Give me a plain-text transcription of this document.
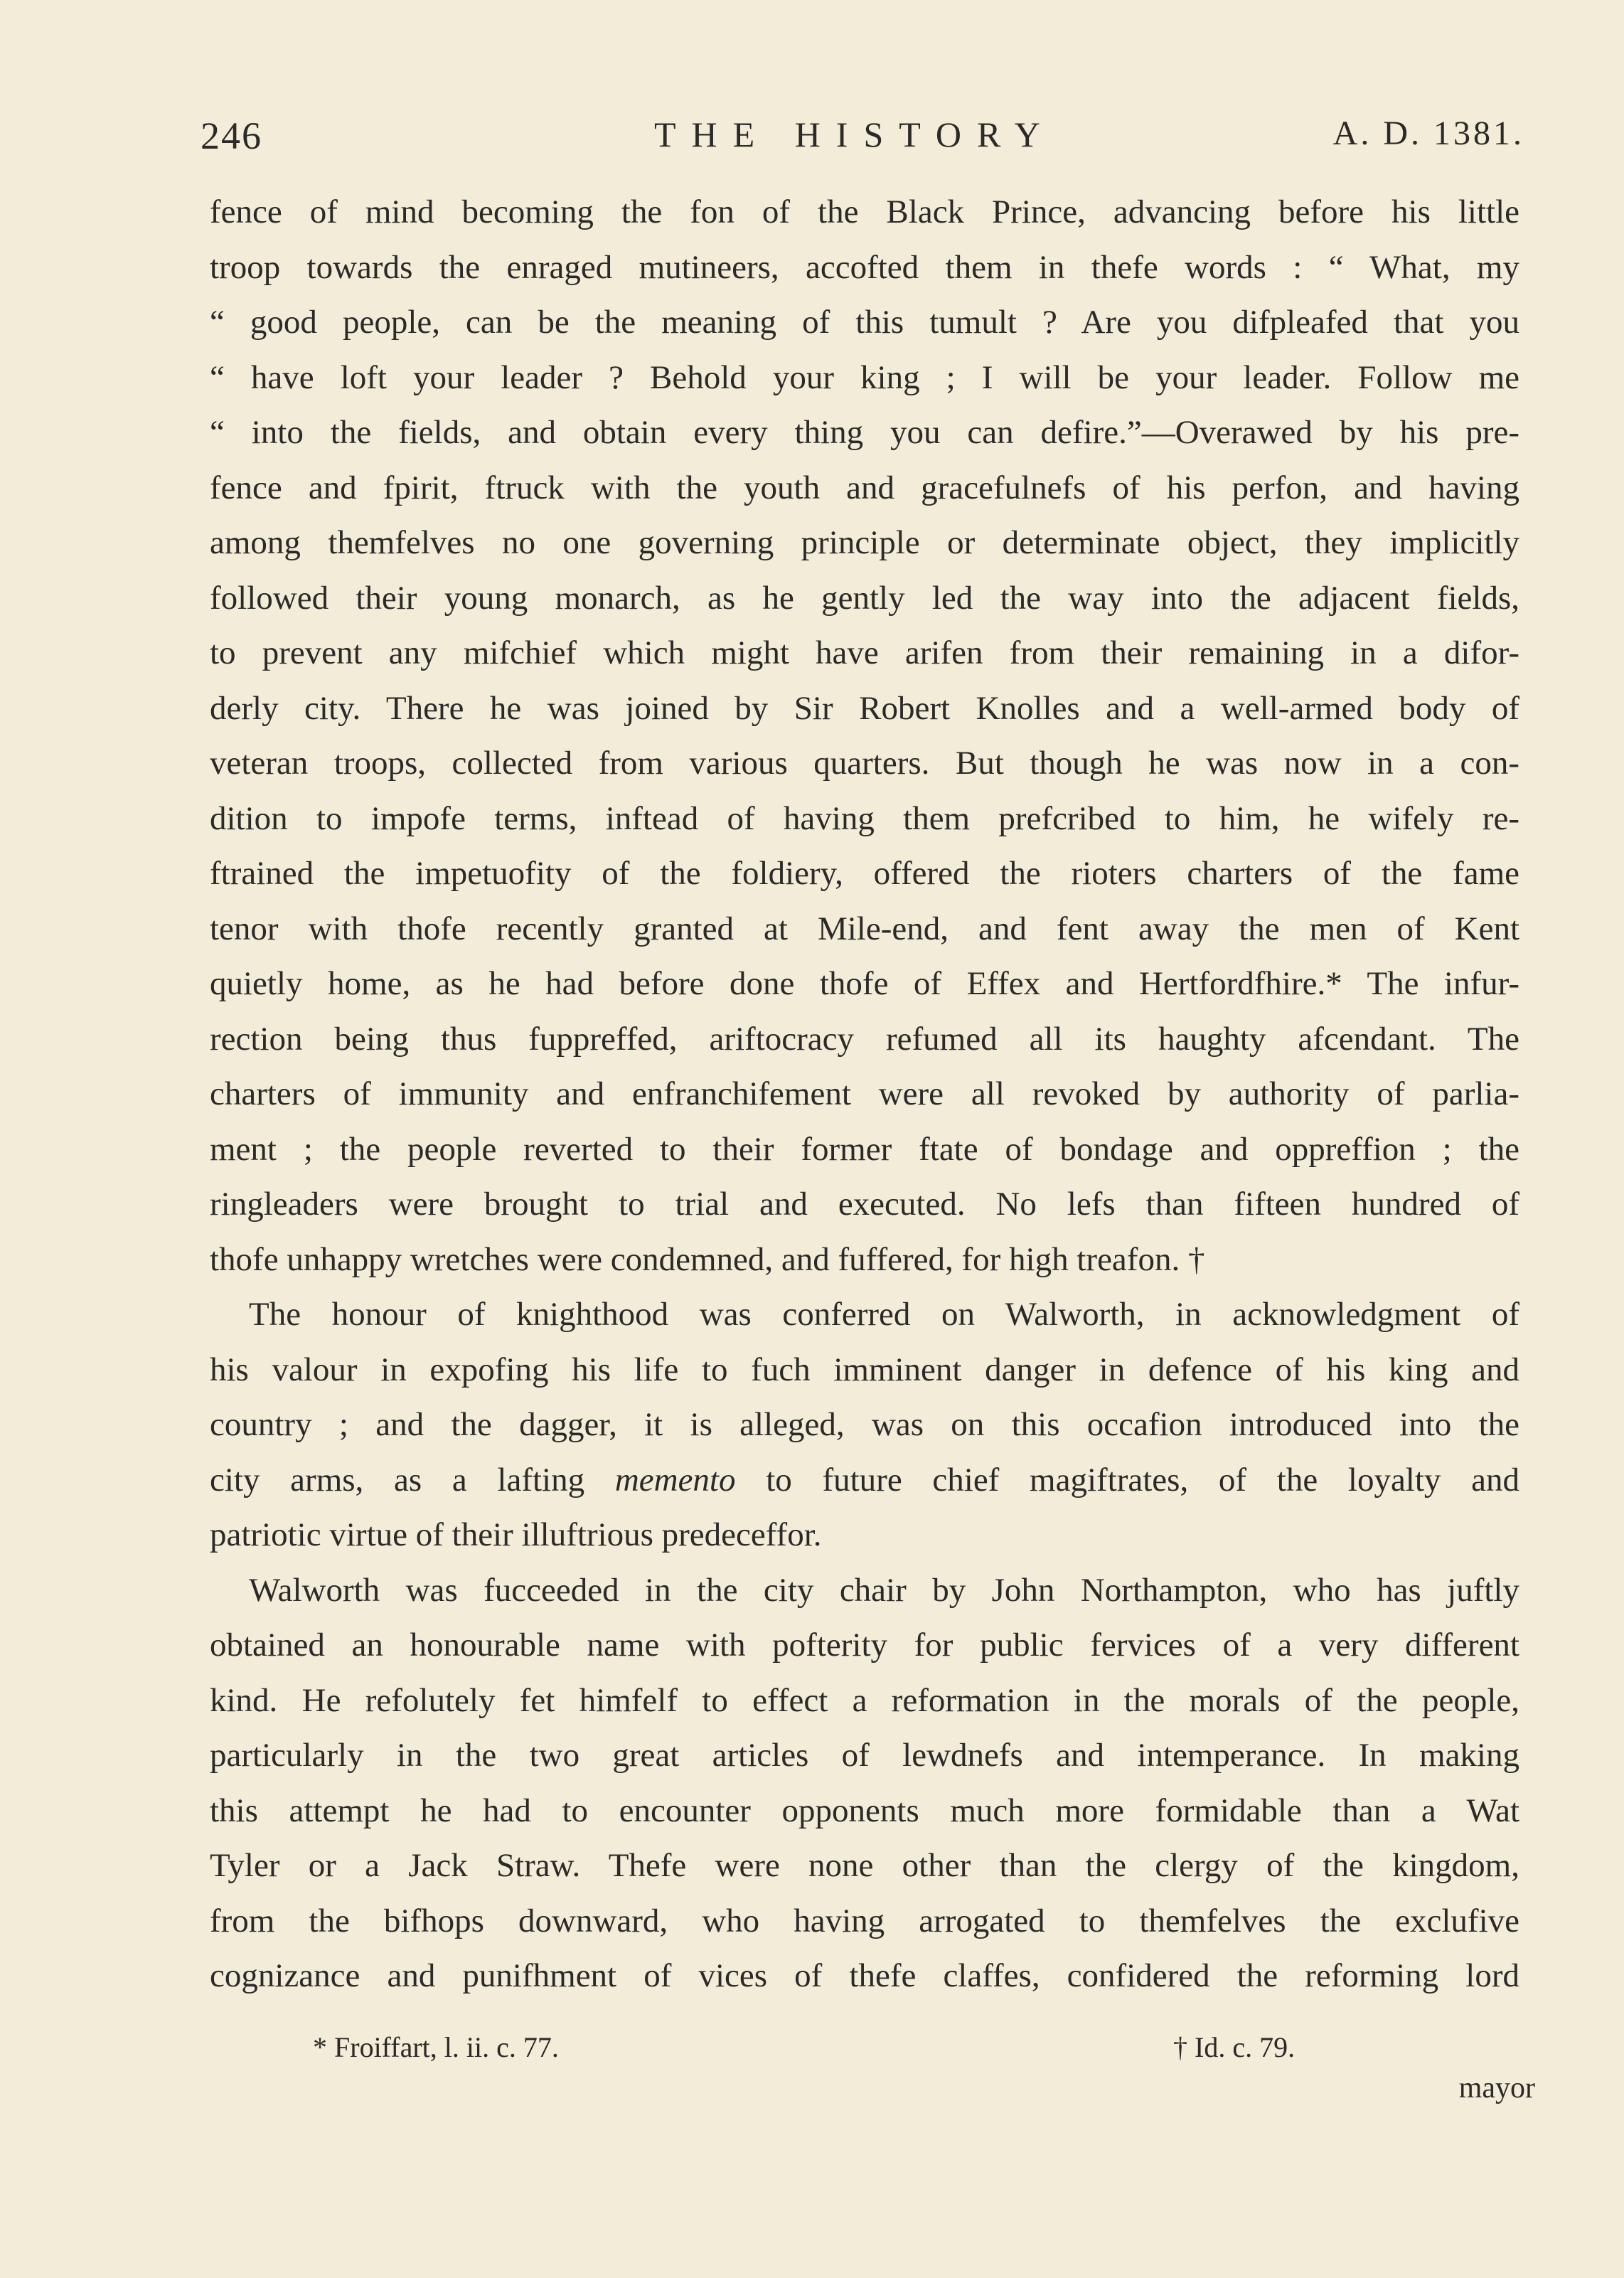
246	THE HISTORY	A. D. 1381.
fence of mind becoming the fon of the Black Prince, advancing before his little
troop towards the enraged mutineers, accofted them in thefe words : “ What, my
“ good people, can be the meaning of this tumult ? Are you difpleafed that you
“ have loft your leader ? Behold your king ; I will be your leader. Follow me
“ into the fields, and obtain every thing you can defire.”—Overawed by his pre-
fence and fpirit, ftruck with the youth and gracefulnefs of his perfon, and having
among themfelves no one governing principle or determinate object, they implicitly
followed their young monarch, as he gently led the way into the adjacent fields,
to prevent any mifchief which might have arifen from their remaining in a difor-
derly city. There he was joined by Sir Robert Knolles and a well-armed body of
veteran troops, collected from various quarters. But though he was now in a con-
dition to impofe terms, inftead of having them prefcribed to him, he wifely re-
ftrained the impetuofity of the foldiery, offered the rioters charters of the fame
tenor with thofe recently granted at Mile-end, and fent away the men of Kent
quietly home, as he had before done thofe of Effex and Hertfordfhire.* The infur-
rection being thus fuppreffed, ariftocracy refumed all its haughty afcendant. The
charters of immunity and enfranchifement were all revoked by authority of parlia-
ment ; the people reverted to their former ftate of bondage and oppreffion ; the
ringleaders were brought to trial and executed. No lefs than fifteen hundred of
thofe unhappy wretches were condemned, and fuffered, for high treafon. †
The honour of knighthood was conferred on Walworth, in acknowledgment of
his valour in expofing his life to fuch imminent danger in defence of his king and
country ; and the dagger, it is alleged, was on this occafion introduced into the
city arms, as a lafting memento to future chief magiftrates, of the loyalty and
patriotic virtue of their illuftrious predeceffor.
Walworth was fucceeded in the city chair by John Northampton, who has juftly
obtained an honourable name with pofterity for public fervices of a very different
kind. He refolutely fet himfelf to effect a reformation in the morals of the people,
particularly in the two great articles of lewdnefs and intemperance. In making
this attempt he had to encounter opponents much more formidable than a Wat
Tyler or a Jack Straw. Thefe were none other than the clergy of the kingdom,
from the bifhops downward, who having arrogated to themfelves the exclufive
cognizance and punifhment of vices of thefe claffes, confidered the reforming lord
* Froiffart, l. ii. c. 77.	† Id. c. 79.
mayor
